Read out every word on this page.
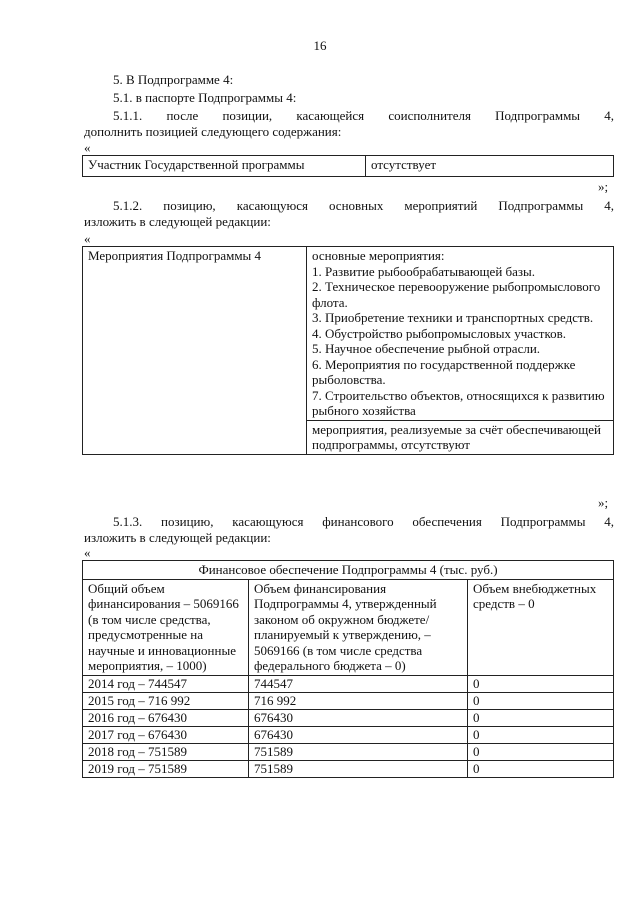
16
5. В Подпрограмме 4:
5.1. в паспорте Подпрограммы 4:
5.1.1. после позиции, касающейся соисполнителя Подпрограммы 4,
дополнить позицией следующего содержания:
«
Участник Государственной программы	отсутствует
»;
5.1.2. позицию, касающуюся основных мероприятий Подпрограммы 4,
изложить в следующей редакции:
«
Мероприятия Подпрограммы 4	основные мероприятия:
1. Развитие рыбообрабатывающей базы.
2. Техническое перевооружение рыбопромыслового флота.
3. Приобретение техники и транспортных средств.
4. Обустройство рыбопромысловых участков.
5. Научное обеспечение рыбной отрасли.
6. Мероприятия по государственной поддержке рыболовства.
7. Строительство объектов, относящихся к развитию рыбного хозяйства

мероприятия, реализуемые за счёт обеспечивающей подпрограммы, отсутствуют
»;
5.1.3. позицию, касающуюся финансового обеспечения Подпрограммы 4,
изложить в следующей редакции:
«
Финансовое обеспечение Подпрограммы 4 (тыс. руб.)		
Общий объем финансирования – 5069166 (в том числе средства, предусмотренные на научные и инновационные мероприятия, – 1000)	Объем финансирования Подпрограммы 4, утвержденный законом об окружном бюджете/планируемый к утверждению, – 5069166 (в том числе средства федерального бюджета – 0)	Объем внебюджетных средств – 0
2014 год – 744547	744547	0
2015 год – 716 992	716 992	0
2016 год – 676430	676430	0
2017 год – 676430	676430	0
2018 год – 751589	751589	0
2019 год – 751589	751589	0
